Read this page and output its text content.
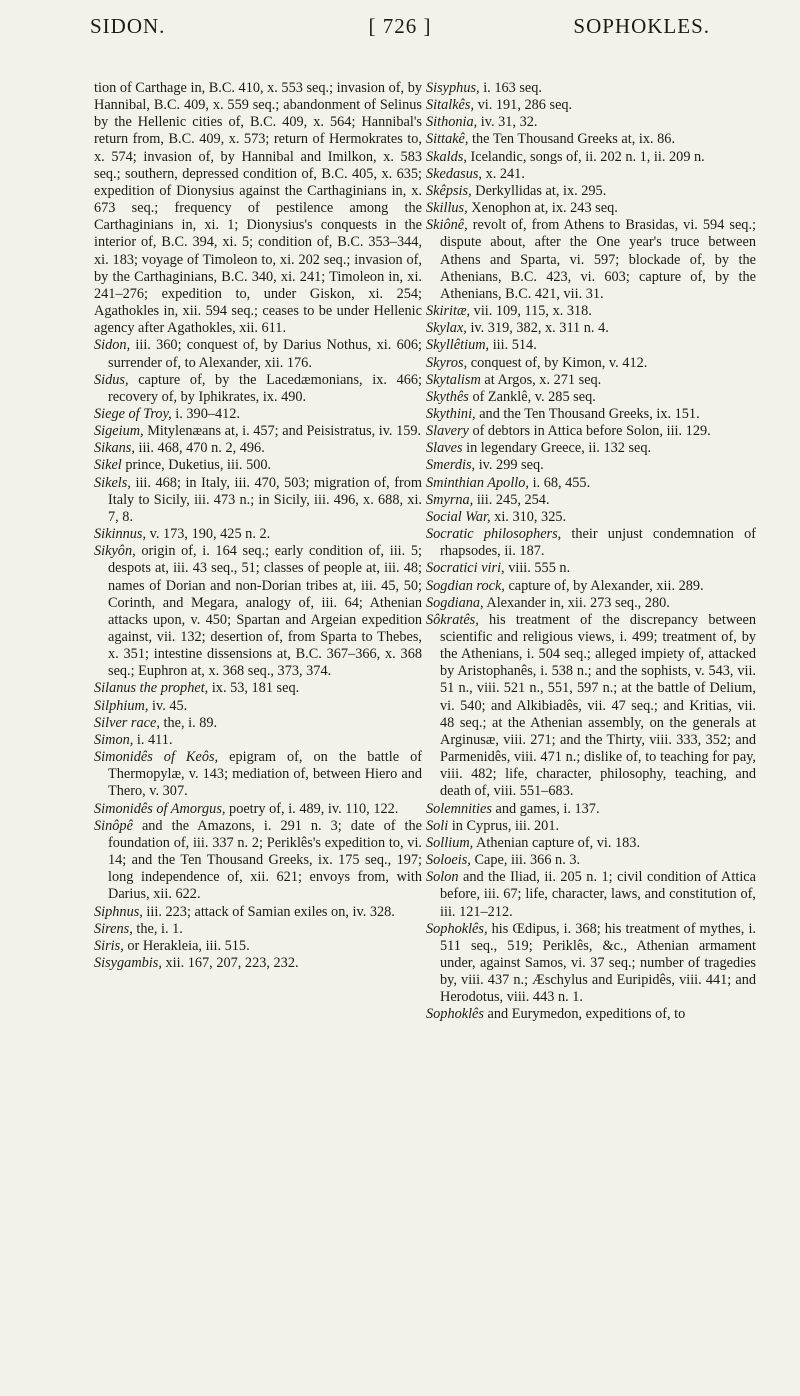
SIDON.	[ 726 ]	SOPHOKLES.

tion of Carthage in, B.C. 410, x. 553 seq.; invasion of, by Hannibal, B.C. 409, x. 559 seq.; abandonment of Selinus by the Hellenic cities of, B.C. 409, x. 564; Hannibal's return from, B.C. 409, x. 573; return of Hermokrates to, x. 574; invasion of, by Hannibal and Imilkon, x. 583 seq.; southern, depressed condition of, B.C. 405, x. 635; expedition of Dionysius against the Carthaginians in, x. 673 seq.; frequency of pestilence among the Carthaginians in, xi. 1; Dionysius's conquests in the interior of, B.C. 394, xi. 5; condition of, B.C. 353–344, xi. 183; voyage of Timoleon to, xi. 202 seq.; invasion of, by the Carthaginians, B.C. 340, xi. 241; Timoleon in, xi. 241–276; expedition to, under Giskon, xi. 254; Agathokles in, xii. 594 seq.; ceases to be under Hellenic agency after Agathokles, xii. 611.

Sidon, iii. 360; conquest of, by Darius Nothus, xi. 606; surrender of, to Alexander, xii. 176.

Sidus, capture of, by the Lacedæmonians, ix. 466; recovery of, by Iphikrates, ix. 490.

Siege of Troy, i. 390–412.

Sigeium, Mitylenæans at, i. 457; and Peisistratus, iv. 159.

Sikans, iii. 468, 470 n. 2, 496.

Sikel prince, Duketius, iii. 500.

Sikels, iii. 468; in Italy, iii. 470, 503; migration of, from Italy to Sicily, iii. 473 n.; in Sicily, iii. 496, x. 688, xi. 7, 8.

Sikinnus, v. 173, 190, 425 n. 2.

Sikyôn, origin of, i. 164 seq.; early condition of, iii. 5; despots at, iii. 43 seq., 51; classes of people at, iii. 48; names of Dorian and non-Dorian tribes at, iii. 45, 50; Corinth, and Megara, analogy of, iii. 64; Athenian attacks upon, v. 450; Spartan and Argeian expedition against, vii. 132; desertion of, from Sparta to Thebes, x. 351; intestine dissensions at, B.C. 367–366, x. 368 seq.; Euphron at, x. 368 seq., 373, 374.

Silanus the prophet, ix. 53, 181 seq.

Silphium, iv. 45.

Silver race, the, i. 89.

Simon, i. 411.

Simonidês of Keôs, epigram of, on the battle of Thermopylæ, v. 143; mediation of, between Hiero and Thero, v. 307.

Simonidês of Amorgus, poetry of, i. 489, iv. 110, 122.

Sinôpê and the Amazons, i. 291 n. 3; date of the foundation of, iii. 337 n. 2; Periklês's expedition to, vi. 14; and the Ten Thousand Greeks, ix. 175 seq., 197; long independence of, xii. 621; envoys from, with Darius, xii. 622.

Siphnus, iii. 223; attack of Samian exiles on, iv. 328.

Sirens, the, i. 1.

Siris, or Herakleia, iii. 515.

Sisygambis, xii. 167, 207, 223, 232.

Sisyphus, i. 163 seq.

Sitalkês, vi. 191, 286 seq.

Sithonia, iv. 31, 32.

Sittakê, the Ten Thousand Greeks at, ix. 86.

Skalds, Icelandic, songs of, ii. 202 n. 1, ii. 209 n.

Skedasus, x. 241.

Skêpsis, Derkyllidas at, ix. 295.

Skillus, Xenophon at, ix. 243 seq.

Skiônê, revolt of, from Athens to Brasidas, vi. 594 seq.; dispute about, after the One year's truce between Athens and Sparta, vi. 597; blockade of, by the Athenians, B.C. 423, vi. 603; capture of, by the Athenians, B.C. 421, vii. 31.

Skiritæ, vii. 109, 115, x. 318.

Skylax, iv. 319, 382, x. 311 n. 4.

Skyllêtium, iii. 514.

Skyros, conquest of, by Kimon, v. 412.

Skytalism at Argos, x. 271 seq.

Skythês of Zanklê, v. 285 seq.

Skythini, and the Ten Thousand Greeks, ix. 151.

Slavery of debtors in Attica before Solon, iii. 129.

Slaves in legendary Greece, ii. 132 seq.

Smerdis, iv. 299 seq.

Sminthian Apollo, i. 68, 455.

Smyrna, iii. 245, 254.

Social War, xi. 310, 325.

Socratic philosophers, their unjust condemnation of rhapsodes, ii. 187.

Socratici viri, viii. 555 n.

Sogdian rock, capture of, by Alexander, xii. 289.

Sogdiana, Alexander in, xii. 273 seq., 280.

Sôkratês, his treatment of the discrepancy between scientific and religious views, i. 499; treatment of, by the Athenians, i. 504 seq.; alleged impiety of, attacked by Aristophanês, i. 538 n.; and the sophists, v. 543, vii. 51 n., viii. 521 n., 551, 597 n.; at the battle of Delium, vi. 540; and Alkibiadês, vii. 47 seq.; and Kritias, vii. 48 seq.; at the Athenian assembly, on the generals at Arginusæ, viii. 271; and the Thirty, viii. 333, 352; and Parmenidês, viii. 471 n.; dislike of, to teaching for pay, viii. 482; life, character, philosophy, teaching, and death of, viii. 551–683.

Solemnities and games, i. 137.

Soli in Cyprus, iii. 201.

Sollium, Athenian capture of, vi. 183.

Soloeis, Cape, iii. 366 n. 3.

Solon and the Iliad, ii. 205 n. 1; civil condition of Attica before, iii. 67; life, character, laws, and constitution of, iii. 121–212.

Sophoklês, his Œdipus, i. 368; his treatment of mythes, i. 511 seq., 519; Periklês, &c., Athenian armament under, against Samos, vi. 37 seq.; number of tragedies by, viii. 437 n.; Æschylus and Euripidês, viii. 441; and Herodotus, viii. 443 n. 1.

Sophoklês and Eurymedon, expeditions of, to
